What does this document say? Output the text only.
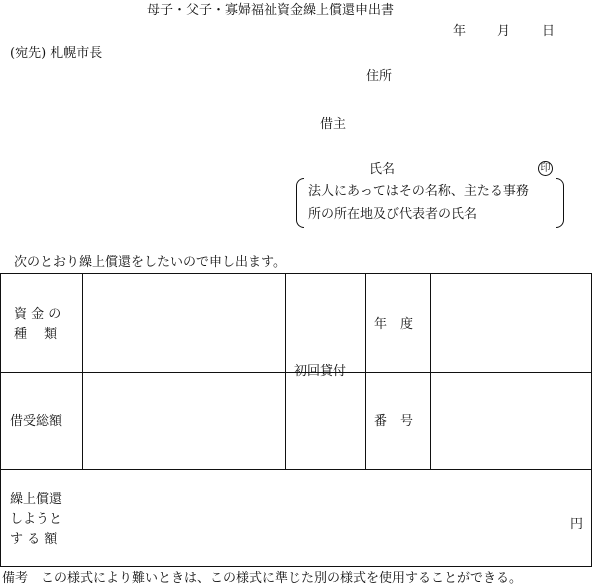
母子・父子・寡婦福祉資金繰上償還申出書
年 月 日
(宛先) 札幌市長
住所
借主
氏名	印
法人にあってはその名称、主たる事務
所の所在地及び代表者の氏名
次のとおり繰上償還をしたいので申し出ます。
資 金 の
種　 類
借受総額
初回貸付
年　度
番　号
繰上償還
しようと
す る 額
円
備考　この様式により難いときは、この様式に準じた別の様式を使用することができる。
